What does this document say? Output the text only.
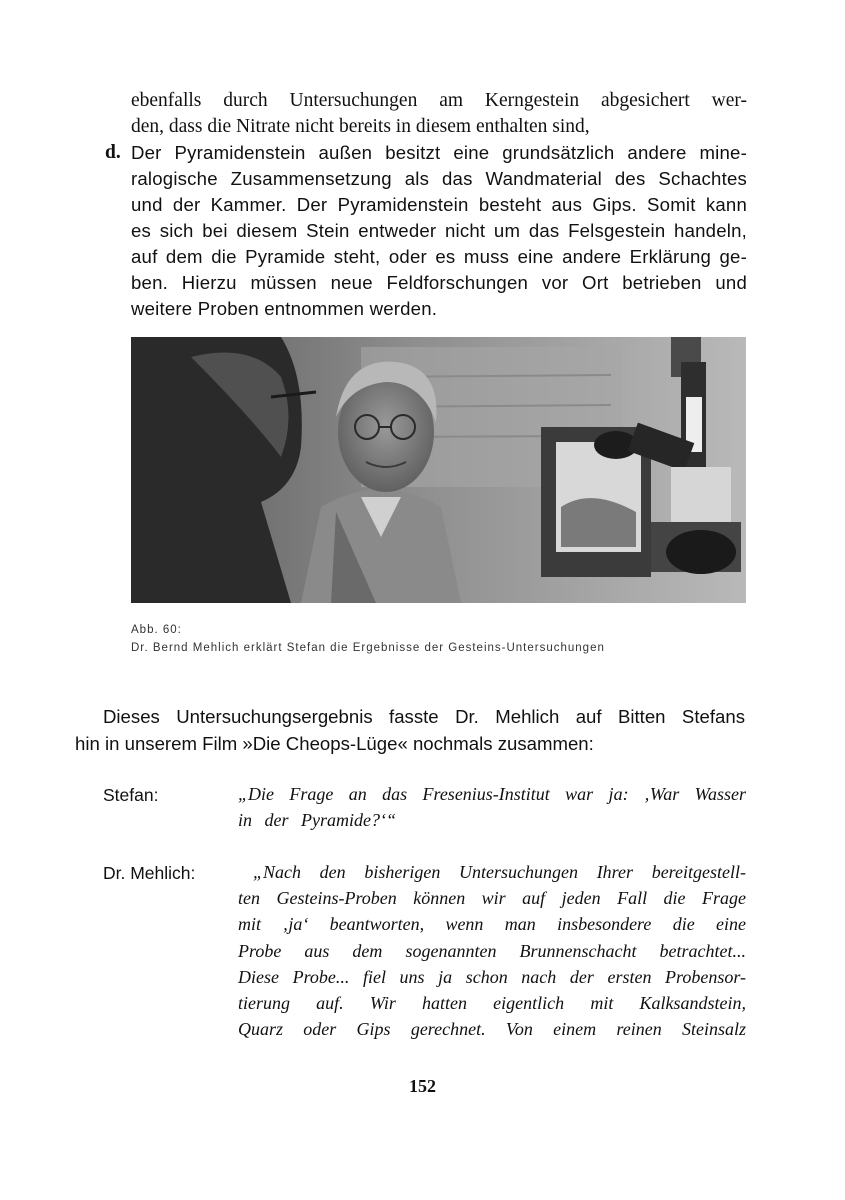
ebenfalls durch Untersuchungen am Kerngestein abgesichert wer-
den, dass die Nitrate nicht bereits in diesem enthalten sind,
d. Der Pyramidenstein außen besitzt eine grundsätzlich andere mine-
ralogische Zusammensetzung als das Wandmaterial des Schachtes
und der Kammer. Der Pyramidenstein besteht aus Gips. Somit kann
es sich bei diesem Stein entweder nicht um das Felsgestein handeln,
auf dem die Pyramide steht, oder es muss eine andere Erklärung ge-
ben. Hierzu müssen neue Feldforschungen vor Ort betrieben und
weitere Proben entnommen werden.
Abb. 60:
Dr. Bernd Mehlich erklärt Stefan die Ergebnisse der Gesteins-Untersuchungen
Dieses Untersuchungsergebnis fasste Dr. Mehlich auf Bitten Stefans
hin in unserem Film »Die Cheops-Lüge« nochmals zusammen:
Stefan:	„Die Frage an das Fresenius-Institut war ja: ‚War Wasser
in der Pyramide?‘“
Dr. Mehlich:	„Nach den bisherigen Untersuchungen Ihrer bereitgestell-
ten Gesteins-Proben können wir auf jeden Fall die Frage
mit ‚ja‘ beantworten, wenn man insbesondere die eine
Probe aus dem sogenannten Brunnenschacht betrachtet...
Diese Probe... fiel uns ja schon nach der ersten Probensor-
tierung auf. Wir hatten eigentlich mit Kalksandstein,
Quarz oder Gips gerechnet. Von einem reinen Steinsalz
152
